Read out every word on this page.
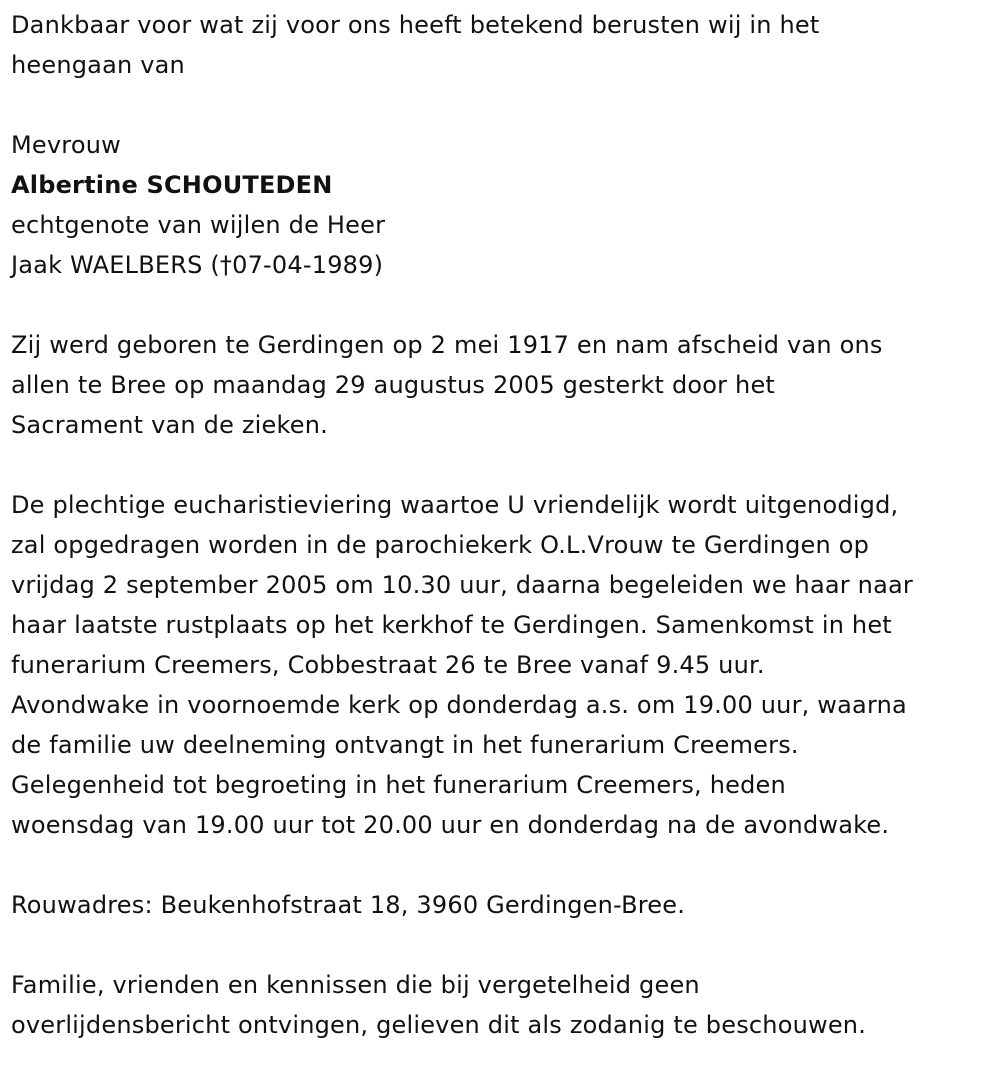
Dankbaar voor wat zij voor ons heeft betekend berusten wij in het
heengaan van

Mevrouw
Albertine SCHOUTEDEN
echtgenote van wijlen de Heer
Jaak WAELBERS (†07-04-1989)

Zij werd geboren te Gerdingen op 2 mei 1917 en nam afscheid van ons
allen te Bree op maandag 29 augustus 2005 gesterkt door het
Sacrament van de zieken.

De plechtige eucharistieviering waartoe U vriendelijk wordt uitgenodigd,
zal opgedragen worden in de parochiekerk O.L.Vrouw te Gerdingen op
vrijdag 2 september 2005 om 10.30 uur, daarna begeleiden we haar naar
haar laatste rustplaats op het kerkhof te Gerdingen. Samenkomst in het
funerarium Creemers, Cobbestraat 26 te Bree vanaf 9.45 uur.
Avondwake in voornoemde kerk op donderdag a.s. om 19.00 uur, waarna
de familie uw deelneming ontvangt in het funerarium Creemers.
Gelegenheid tot begroeting in het funerarium Creemers, heden
woensdag van 19.00 uur tot 20.00 uur en donderdag na de avondwake.

Rouwadres: Beukenhofstraat 18, 3960 Gerdingen-Bree.

Familie, vrienden en kennissen die bij vergetelheid geen
overlijdensbericht ontvingen, gelieven dit als zodanig te beschouwen.
